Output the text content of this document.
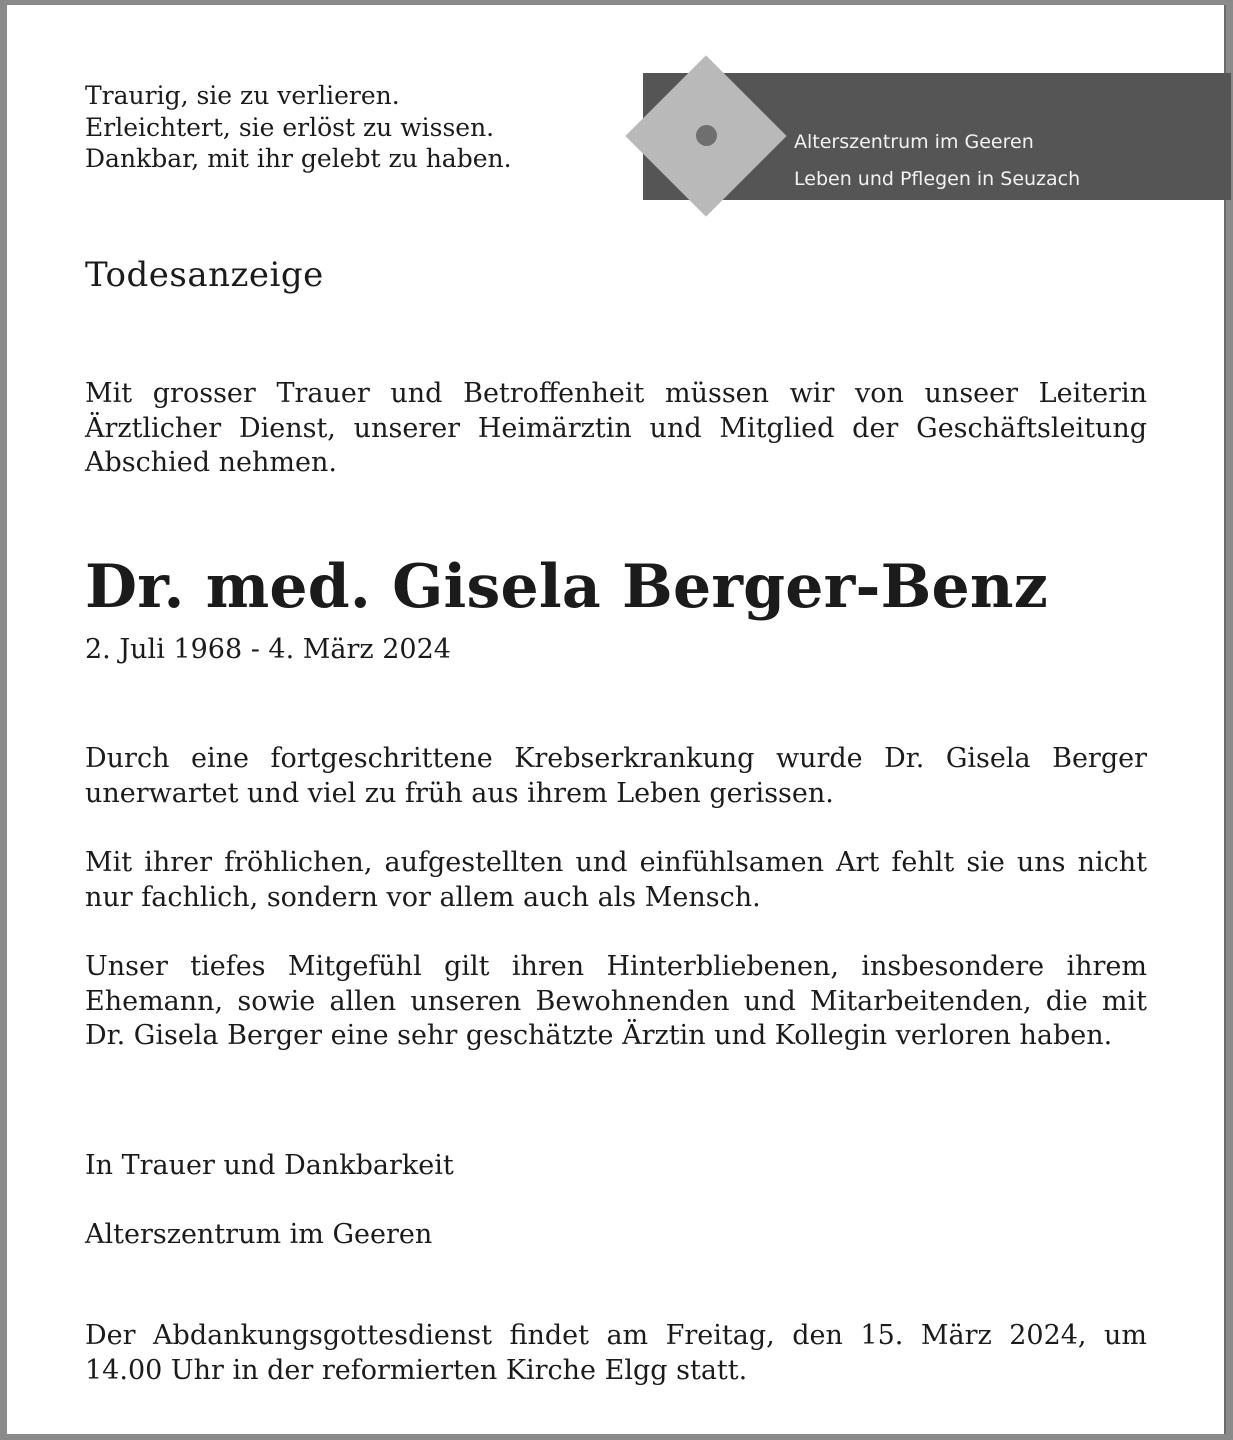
Traurig, sie zu verlieren.
Erleichtert, sie erlöst zu wissen.
Dankbar, mit ihr gelebt zu haben.
Alterszentrum im Geeren
Leben und Pflegen in Seuzach
Todesanzeige
Mit grosser Trauer und Betroffenheit müssen wir von unseer Leiterin Ärztlicher Dienst, unserer Heimärztin und Mitglied der Geschäftsleitung Abschied nehmen.
Dr. med. Gisela Berger-Benz
2. Juli 1968 - 4. März 2024
Durch eine fortgeschrittene Krebserkrankung wurde Dr. Gisela Berger unerwartet und viel zu früh aus ihrem Leben gerissen.
Mit ihrer fröhlichen, aufgestellten und einfühlsamen Art fehlt sie uns nicht nur fachlich, sondern vor allem auch als Mensch.
Unser tiefes Mitgefühl gilt ihren Hinterbliebenen, insbesondere ihrem Ehemann, sowie allen unseren Bewohnenden und Mitarbeitenden, die mit Dr. Gisela Berger eine sehr geschätzte Ärztin und Kollegin verloren haben.
In Trauer und Dankbarkeit
Alterszentrum im Geeren
Der Abdankungsgottesdienst findet am Freitag, den 15. März 2024, um 14.00 Uhr in der reformierten Kirche Elgg statt.
